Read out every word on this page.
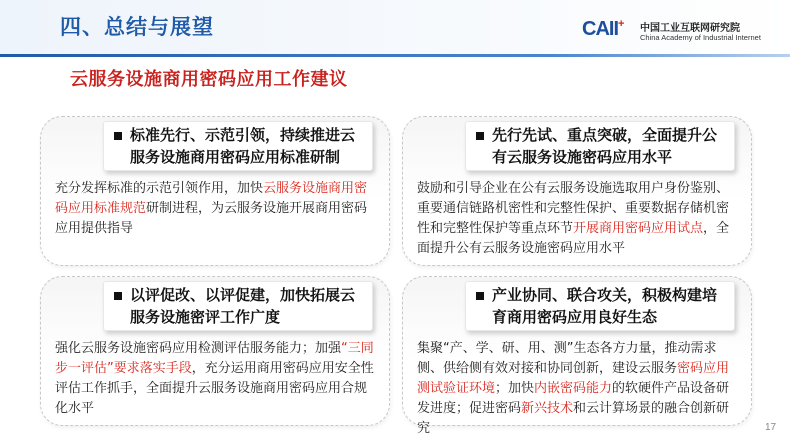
四、总结与展望	CAII+ 中国工业互联网研究院
China Academy of Industrial Internet
云服务设施商用密码应用工作建议
标准先行、示范引领，持续推进云服务设施商用密码应用标准研制
充分发挥标准的示范引领作用，加快云服务设施商用密码应用标准规范研制进程，为云服务设施开展商用密码应用提供指导
先行先试、重点突破，全面提升公有云服务设施密码应用水平
鼓励和引导企业在公有云服务设施选取用户身份鉴别、重要通信链路机密性和完整性保护、重要数据存储机密性和完整性保护等重点环节开展商用密码应用试点，全面提升公有云服务设施密码应用水平
以评促改、以评促建，加快拓展云服务设施密评工作广度
强化云服务设施密码应用检测评估服务能力；加强“三同步一评估”要求落实手段，充分运用商用密码应用安全性评估工作抓手，全面提升云服务设施商用密码应用合规化水平
产业协同、联合攻关，积极构建培育商用密码应用良好生态
集聚“产、学、研、用、测”生态各方力量，推动需求侧、供给侧有效对接和协同创新，建设云服务密码应用测试验证环境；加快内嵌密码能力的软硬件产品设备研发进度；促进密码新兴技术和云计算场景的融合创新研究	17
